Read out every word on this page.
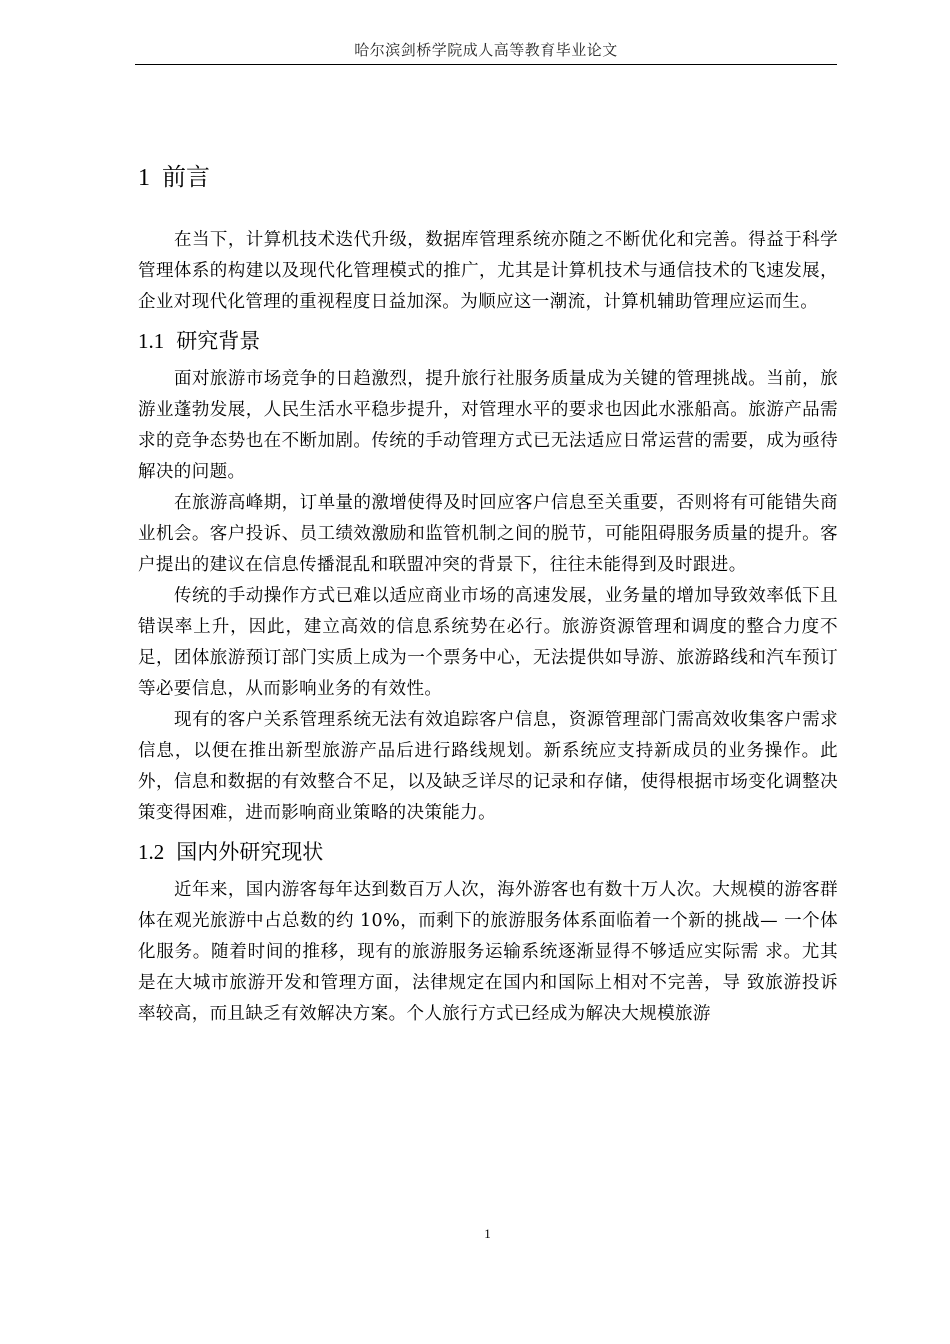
哈尔滨剑桥学院成人高等教育毕业论文
1 前言

在当下，计算机技术迭代升级，数据库管理系统亦随之不断优化和完善。得益于科学管理体系的构建以及现代化管理模式的推广，尤其是计算机技术与通信技术的飞速发展，企业对现代化管理的重视程度日益加深。为顺应这一潮流，计算机辅助管理应运而生。

1.1 研究背景

面对旅游市场竞争的日趋激烈，提升旅行社服务质量成为关键的管理挑战。当前，旅游业蓬勃发展，人民生活水平稳步提升，对管理水平的要求也因此水涨船高。旅游产品需求的竞争态势也在不断加剧。传统的手动管理方式已无法适应日常运营的需要，成为亟待解决的问题。

在旅游高峰期，订单量的激增使得及时回应客户信息至关重要，否则将有可能错失商业机会。客户投诉、员工绩效激励和监管机制之间的脱节，可能阻碍服务质量的提升。客户提出的建议在信息传播混乱和联盟冲突的背景下，往往未能得到及时跟进。

传统的手动操作方式已难以适应商业市场的高速发展，业务量的增加导致效率低下且错误率上升，因此，建立高效的信息系统势在必行。旅游资源管理和调度的整合力度不足，团体旅游预订部门实质上成为一个票务中心，无法提供如导游、旅游路线和汽车预订等必要信息，从而影响业务的有效性。

现有的客户关系管理系统无法有效追踪客户信息，资源管理部门需高效收集客户需求信息，以便在推出新型旅游产品后进行路线规划。新系统应支持新成员的业务操作。此外，信息和数据的有效整合不足，以及缺乏详尽的记录和存储，使得根据市场变化调整决策变得困难，进而影响商业策略的决策能力。

1.2 国内外研究现状

近年来，国内游客每年达到数百万人次，海外游客也有数十万人次。大规模的游客群体在观光旅游中占总数的约 10%，而剩下的旅游服务体系面临着一个新的挑战— 一个体化服务。随着时间的推移，现有的旅游服务运输系统逐渐显得不够适应实际需 求。尤其是在大城市旅游开发和管理方面，法律规定在国内和国际上相对不完善，导 致旅游投诉率较高，而且缺乏有效解决方案。个人旅行方式已经成为解决大规模旅游

1
